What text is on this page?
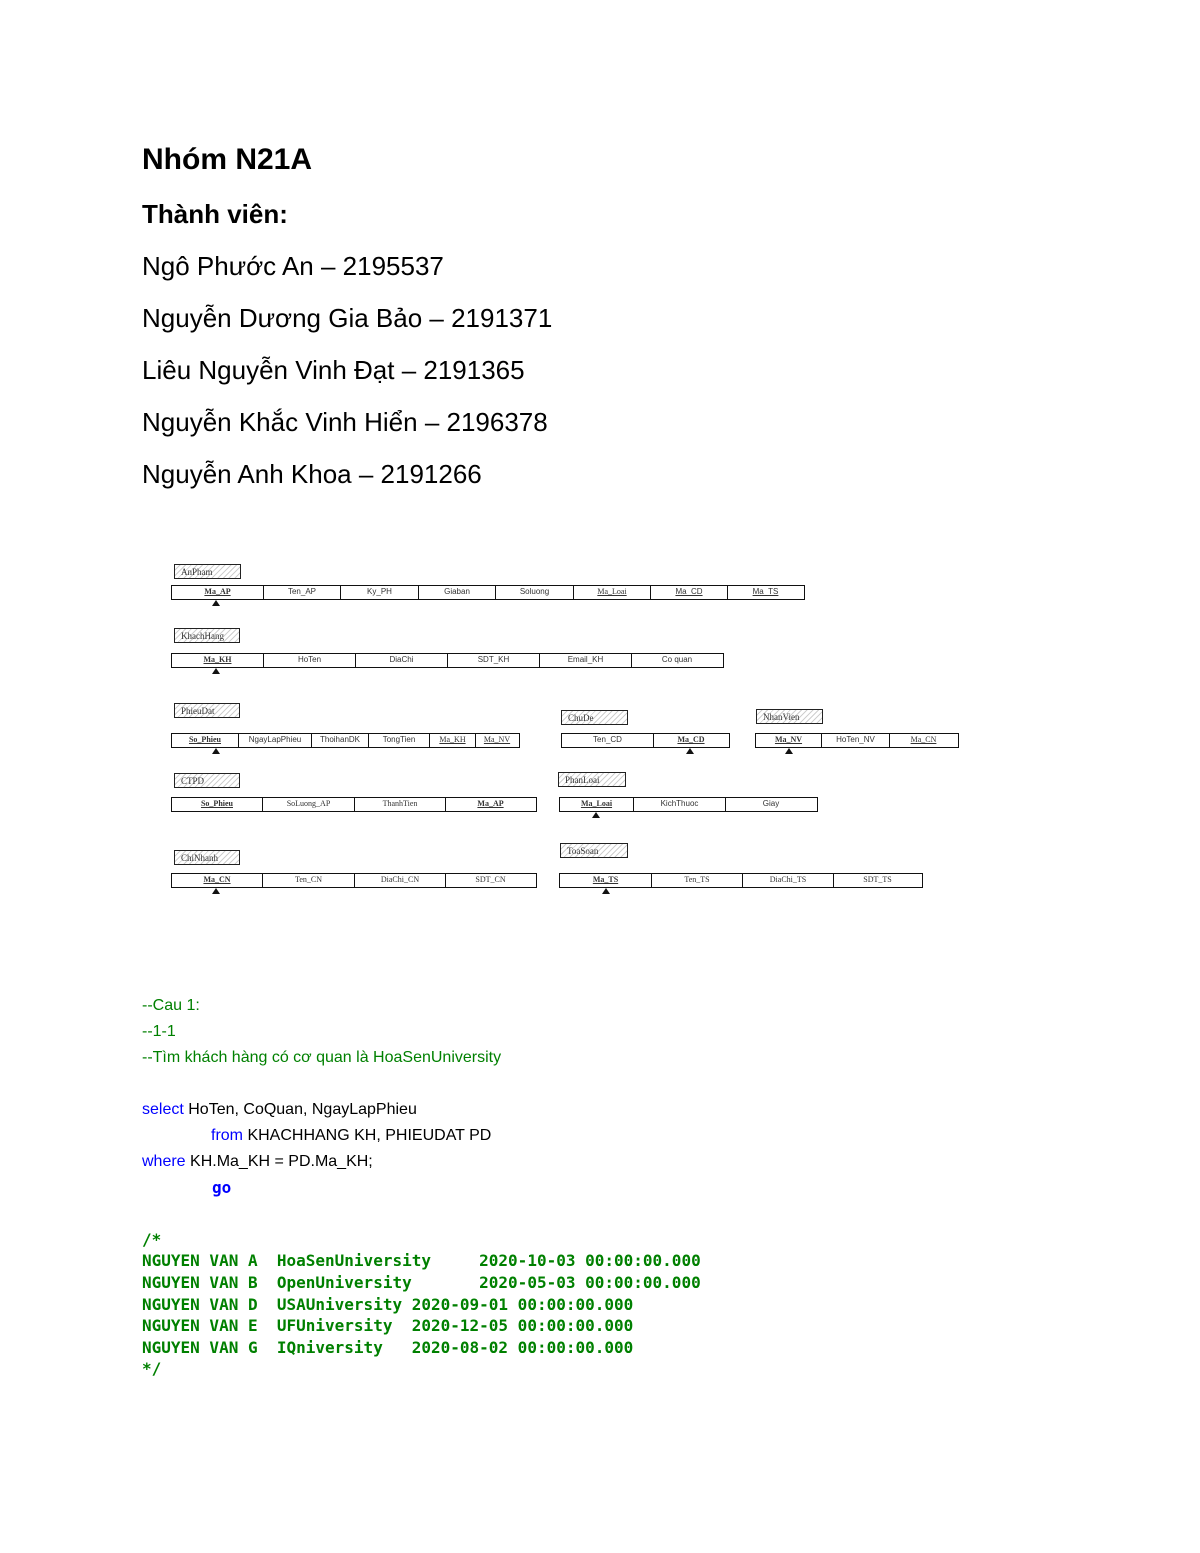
Nhóm N21A
Thành viên:
Ngô Phước An – 2195537
Nguyễn Dương Gia Bảo – 2191371
Liêu Nguyễn Vinh Đạt – 2191365
Nguyễn Khắc Vinh Hiển – 2196378
Nguyễn Anh Khoa – 2191266
AnPham
Ma_AP	Ten_AP	Ky_PH	Giaban	Soluong	Ma_Loai	Ma_CD	Ma_TS
KhachHang
Ma_KH	HoTen	DiaChi	SDT_KH	Email_KH	Co quan
PhieuDat
So_Phieu	NgayLapPhieu	ThoihanDK	TongTien	Ma_KH	Ma_NV
ChuDe
Ten_CD	Ma_CD
NhanVien
Ma_NV	HoTen_NV	Ma_CN
CTPD
So_Phieu	SoLuong_AP	ThanhTien	Ma_AP
PhanLoai
Ma_Loai	KichThuoc	Giay
ChiNhanh
Ma_CN	Ten_CN	DiaChi_CN	SDT_CN
ToaSoan
Ma_TS	Ten_TS	DiaChi_TS	SDT_TS
--Cau 1:
--1-1
--Tìm khách hàng có cơ quan là HoaSenUniversity
select HoTen, CoQuan, NgayLapPhieu
from KHACHHANG KH, PHIEUDAT PD
where KH.Ma_KH = PD.Ma_KH;
go
/*
NGUYEN VAN A  HoaSenUniversity     2020-10-03 00:00:00.000
NGUYEN VAN B  OpenUniversity       2020-05-03 00:00:00.000
NGUYEN VAN D  USAUniversity 2020-09-01 00:00:00.000
NGUYEN VAN E  UFUniversity  2020-12-05 00:00:00.000
NGUYEN VAN G  IQniversity   2020-08-02 00:00:00.000
*/
